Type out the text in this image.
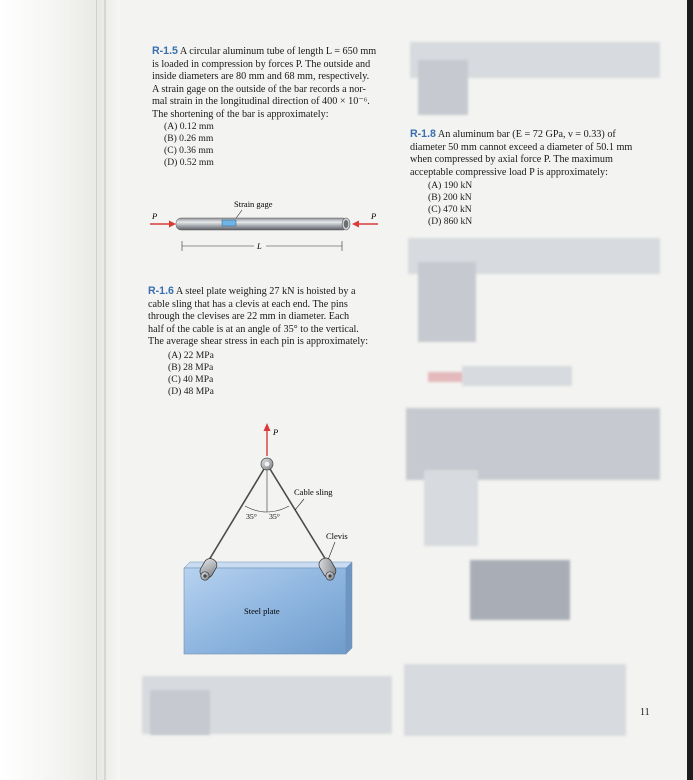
R-1.5 A circular aluminum tube of length L = 650 mm
is loaded in compression by forces P. The outside and
inside diameters are 80 mm and 68 mm, respectively.
A strain gage on the outside of the bar records a nor-
mal strain in the longitudinal direction of 400 × 10⁻⁶.
The shortening of the bar is approximately:
(A) 0.12 mm
(B) 0.26 mm
(C) 0.36 mm
(D) 0.52 mm
Strain gage
P	P
L
R-1.6 A steel plate weighing 27 kN is hoisted by a
cable sling that has a clevis at each end. The pins
through the clevises are 22 mm in diameter. Each
half of the cable is at an angle of 35° to the vertical.
The average shear stress in each pin is approximately:
(A) 22 MPa
(B) 28 MPa
(C) 40 MPa
(D) 48 MPa
P
35° 35°
Cable sling
Clevis
Steel plate
R-1.8 An aluminum bar (E = 72 GPa, ν = 0.33) of
diameter 50 mm cannot exceed a diameter of 50.1 mm
when compressed by axial force P. The maximum
acceptable compressive load P is approximately:
(A) 190 kN
(B) 200 kN
(C) 470 kN
(D) 860 kN
11
